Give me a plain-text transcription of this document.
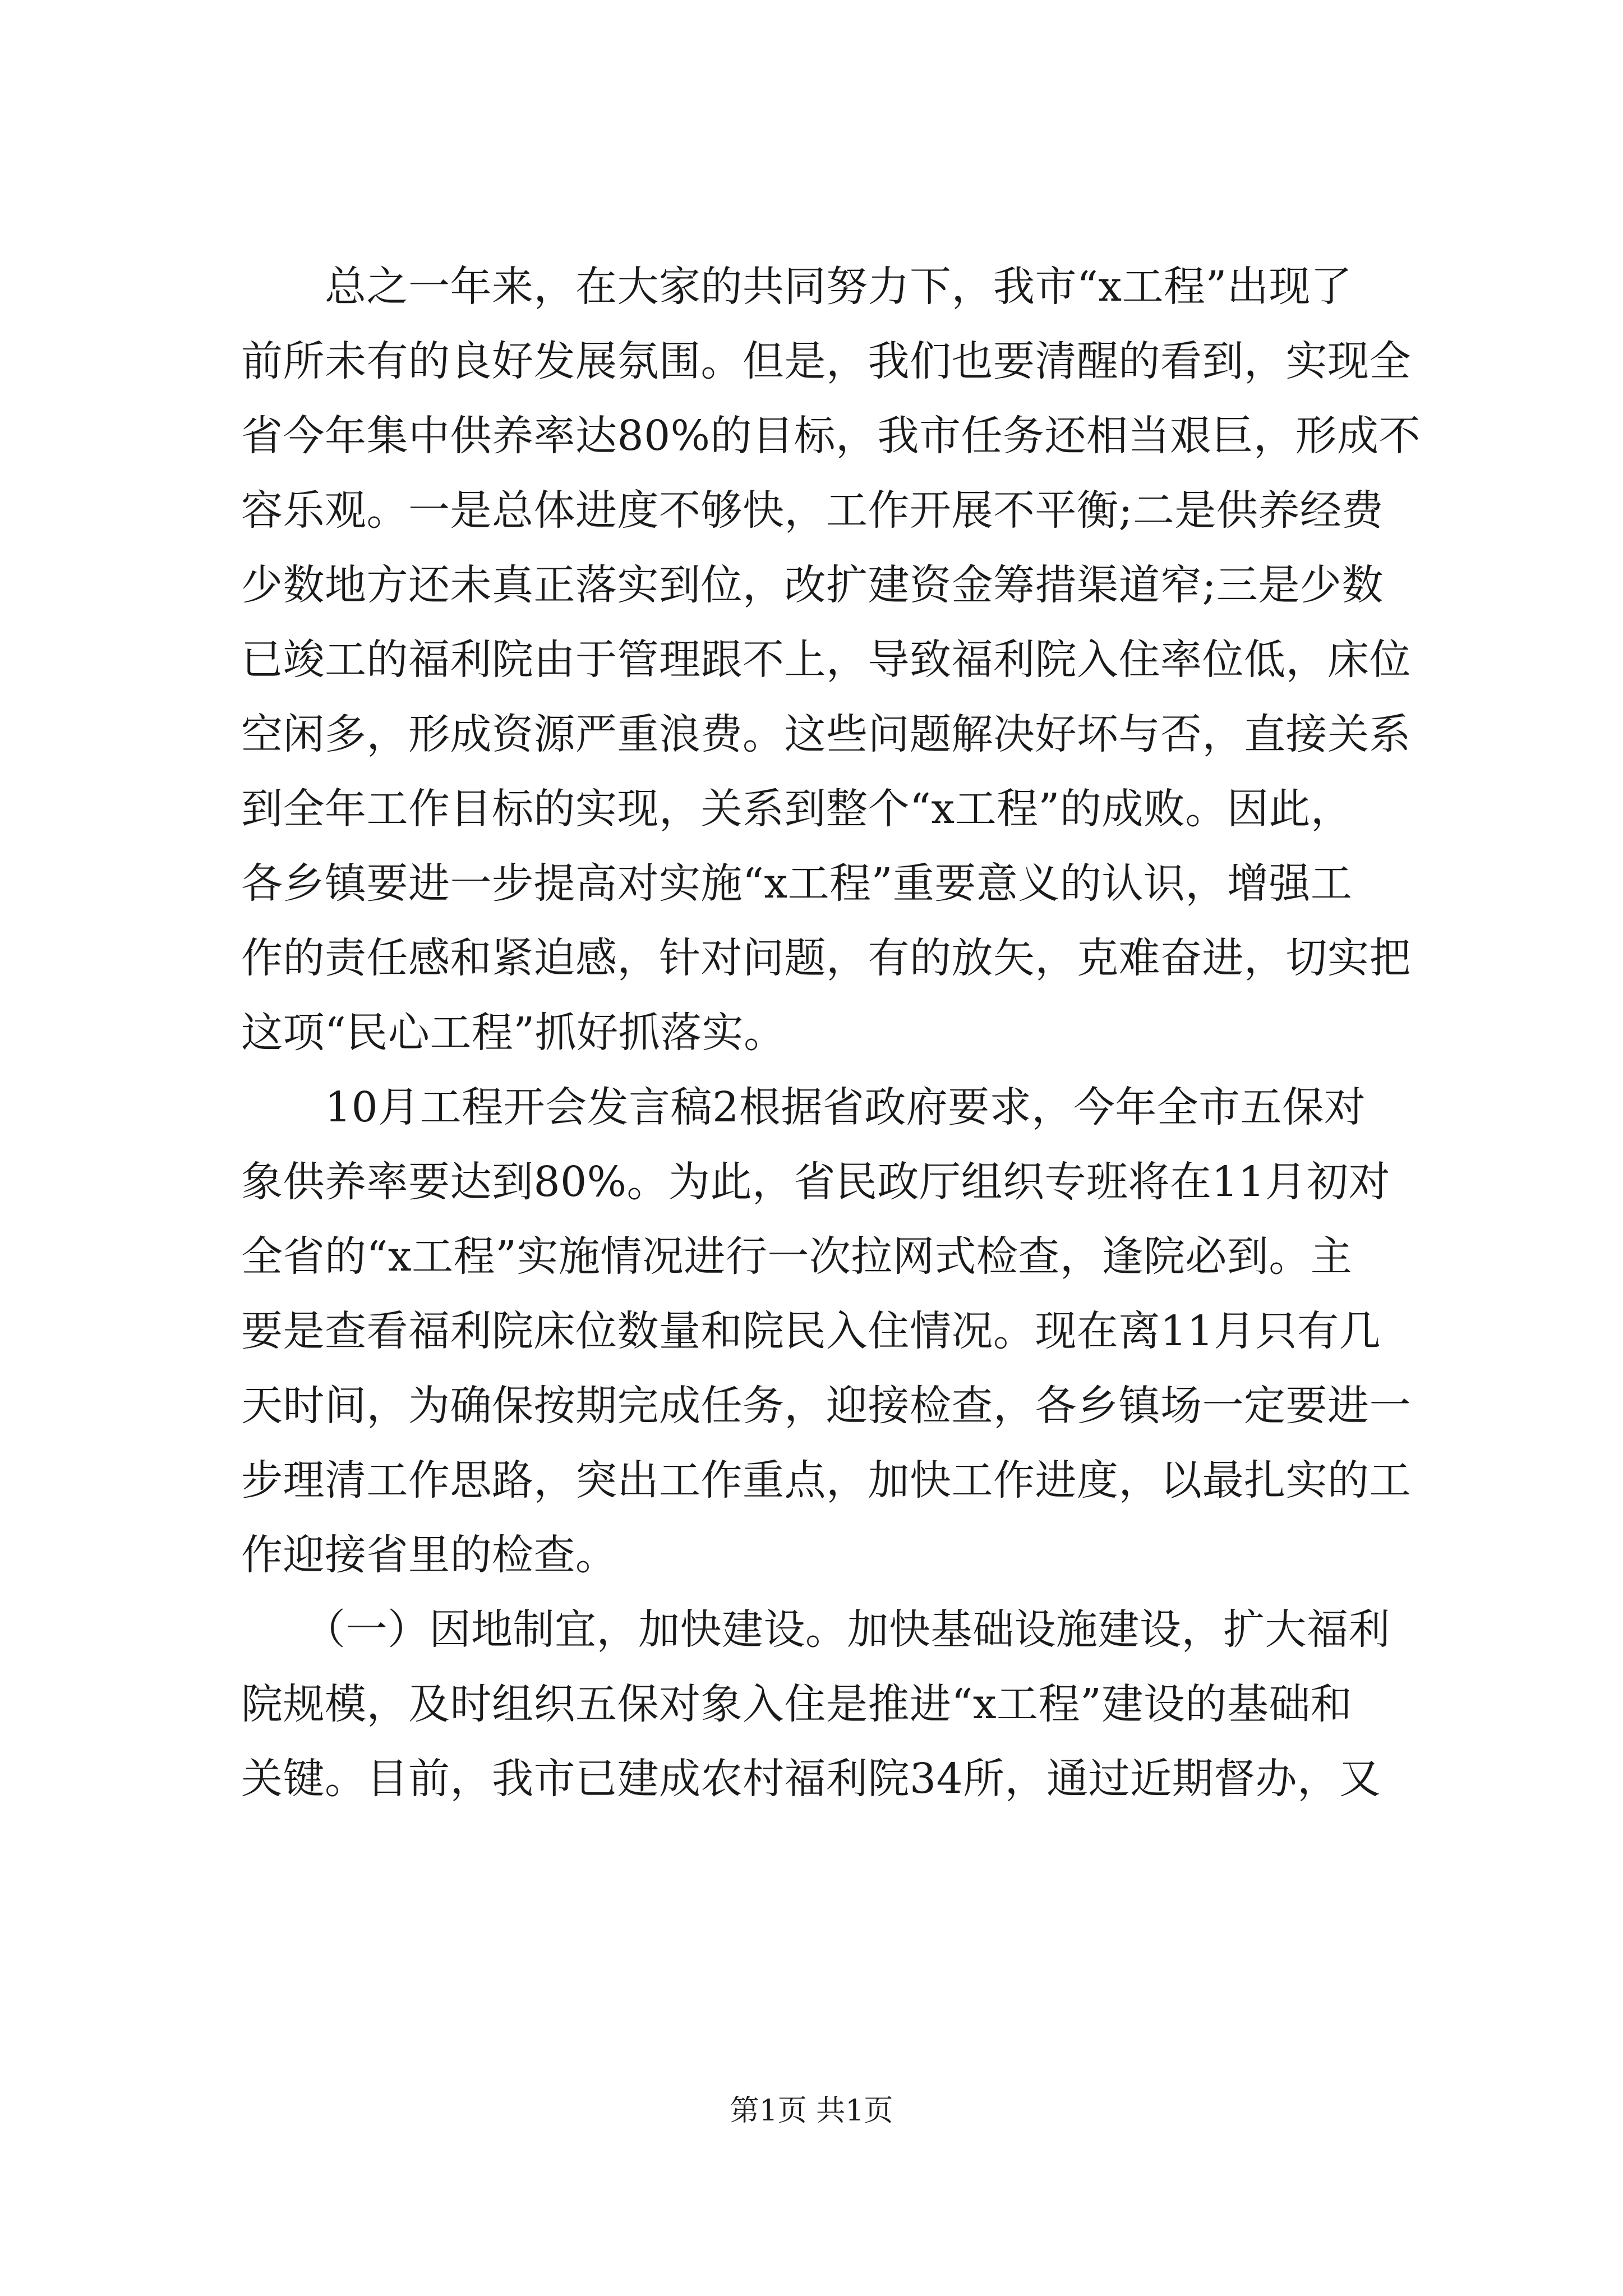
　　总之一年来，在大家的共同努力下，我市“x工程”出现了
前所未有的良好发展氛围。但是，我们也要清醒的看到，实现全
省今年集中供养率达80%的目标，我市任务还相当艰巨，形成不
容乐观。一是总体进度不够快，工作开展不平衡;二是供养经费
少数地方还未真正落实到位，改扩建资金筹措渠道窄;三是少数
已竣工的福利院由于管理跟不上，导致福利院入住率位低，床位
空闲多，形成资源严重浪费。这些问题解决好坏与否，直接关系
到全年工作目标的实现，关系到整个“x工程”的成败。因此，
各乡镇要进一步提高对实施“x工程”重要意义的认识，增强工
作的责任感和紧迫感，针对问题，有的放矢，克难奋进，切实把
这项“民心工程”抓好抓落实。
　　10月工程开会发言稿2根据省政府要求，今年全市五保对
象供养率要达到80%。为此，省民政厅组织专班将在11月初对
全省的“x工程”实施情况进行一次拉网式检查，逢院必到。主
要是查看福利院床位数量和院民入住情况。现在离11月只有几
天时间，为确保按期完成任务，迎接检查，各乡镇场一定要进一
步理清工作思路，突出工作重点，加快工作进度，以最扎实的工
作迎接省里的检查。
　　（一）因地制宜，加快建设。加快基础设施建设，扩大福利
院规模，及时组织五保对象入住是推进“x工程”建设的基础和
关键。目前，我市已建成农村福利院34所，通过近期督办，又
第1页 共1页
